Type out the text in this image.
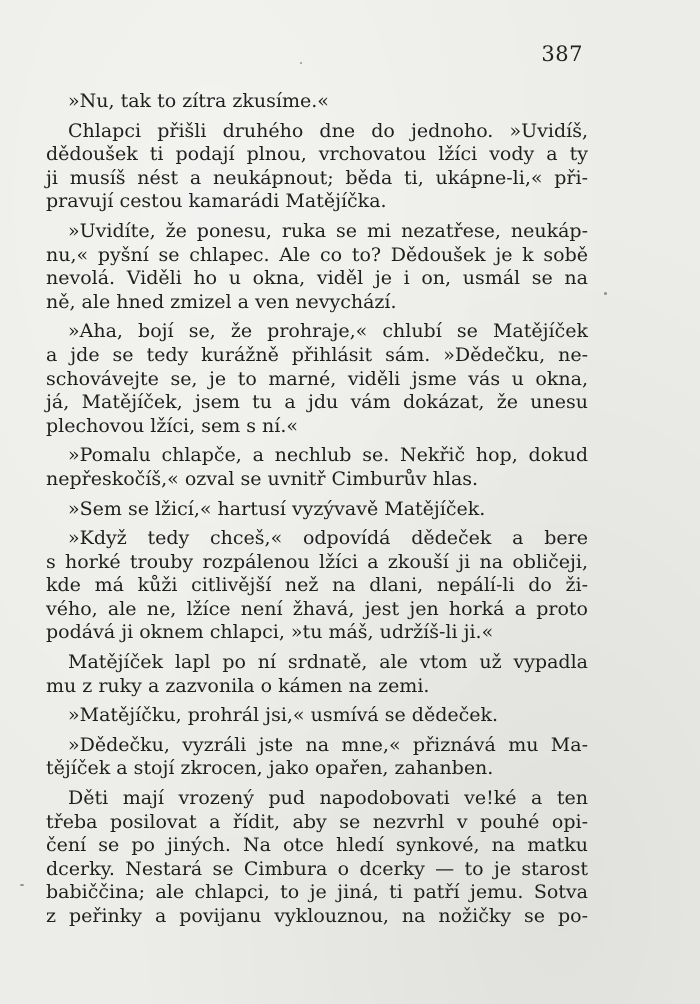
387

»Nu, tak to zítra zkusíme.«

Chlapci přišli druhého dne do jednoho. »Uvidíš,
dědoušek ti podají plnou, vrchovatou lžíci vody a ty
ji musíš nést a neukápnout; běda ti, ukápne-li,« při-
pravují cestou kamarádi Matějíčka.

»Uvidíte, že ponesu, ruka se mi nezatřese, neukáp-
nu,« pyšní se chlapec. Ale co to? Dědoušek je k sobě
nevolá. Viděli ho u okna, viděl je i on, usmál se na
ně, ale hned zmizel a ven nevychází.

»Aha, bojí se, že prohraje,« chlubí se Matějíček
a jde se tedy kurážně přihlásit sám. »Dědečku, ne-
schovávejte se, je to marné, viděli jsme vás u okna,
já, Matějíček, jsem tu a jdu vám dokázat, že unesu
plechovou lžíci, sem s ní.«

»Pomalu chlapče, a nechlub se. Nekřič hop, dokud
nepřeskočíš,« ozval se uvnitř Cimburův hlas.

»Sem se lžicí,« hartusí vyzývavě Matějíček.

»Když tedy chceš,« odpovídá dědeček a bere
s horké trouby rozpálenou lžíci a zkouší ji na obličeji,
kde má kůži citlivější než na dlani, nepálí-li do ži-
vého, ale ne, lžíce není žhavá, jest jen horká a proto
podává ji oknem chlapci, »tu máš, udržíš-li ji.«

Matějíček lapl po ní srdnatě, ale vtom už vypadla
mu z ruky a zazvonila o kámen na zemi.

»Matějíčku, prohrál jsi,« usmívá se dědeček.

»Dědečku, vyzráli jste na mne,« přiznává mu Ma-
tějíček a stojí zkrocen, jako opařen, zahanben.

Děti mají vrozený pud napodobovati ve!ké a ten
třeba posilovat a řídit, aby se nezvrhl v pouhé opi-
čení se po jiných. Na otce hledí synkové, na matku
dcerky. Nestará se Cimbura o dcerky — to je starost
babiččina; ale chlapci, to je jiná, ti patří jemu. Sotva
z peřinky a povijanu vyklouznou, na nožičky se po-
